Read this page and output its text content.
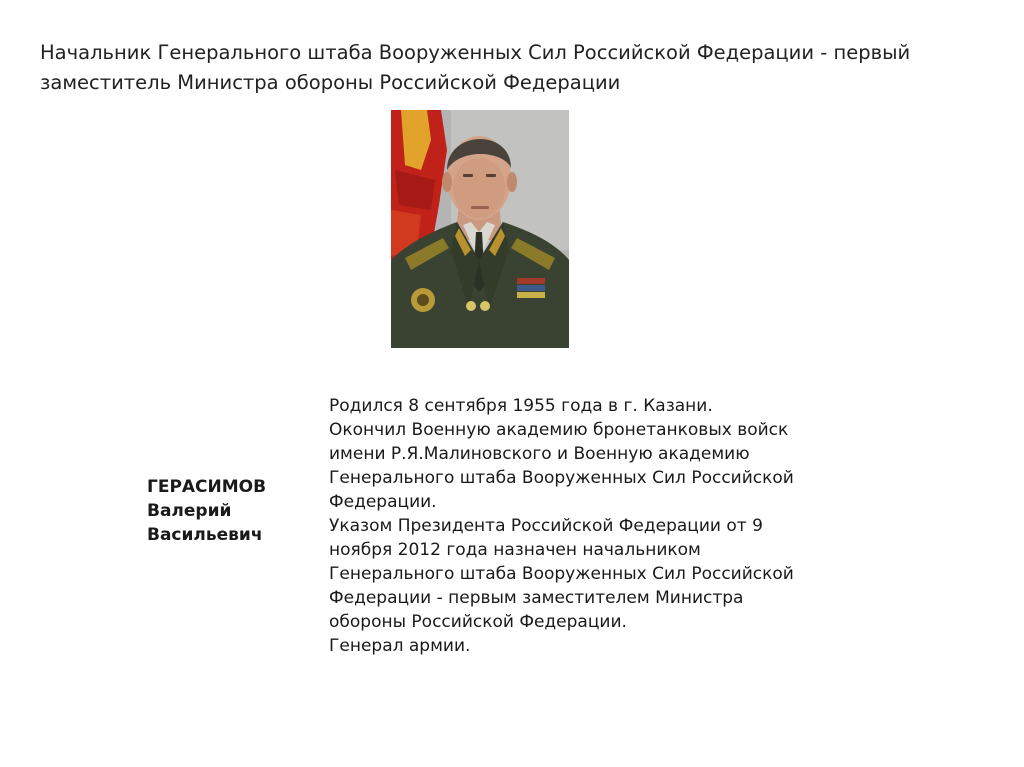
Начальник Генерального штаба Вооруженных Сил Российской Федерации - первый заместитель Министра обороны Российской Федерации
ГЕРАСИМОВ
Валерий
Васильевич

Родился 8 сентября 1955 года в г. Казани.

Окончил Военную академию бронетанковых войск

имени Р.Я.Малиновского и Военную академию

Генерального штаба Вооруженных Сил Российской

Федерации.

Указом Президента Российской Федерации от 9

ноября 2012 года назначен начальником

Генерального штаба Вооруженных Сил Российской

Федерации - первым заместителем Министра

обороны Российской Федерации.

Генерал армии.
